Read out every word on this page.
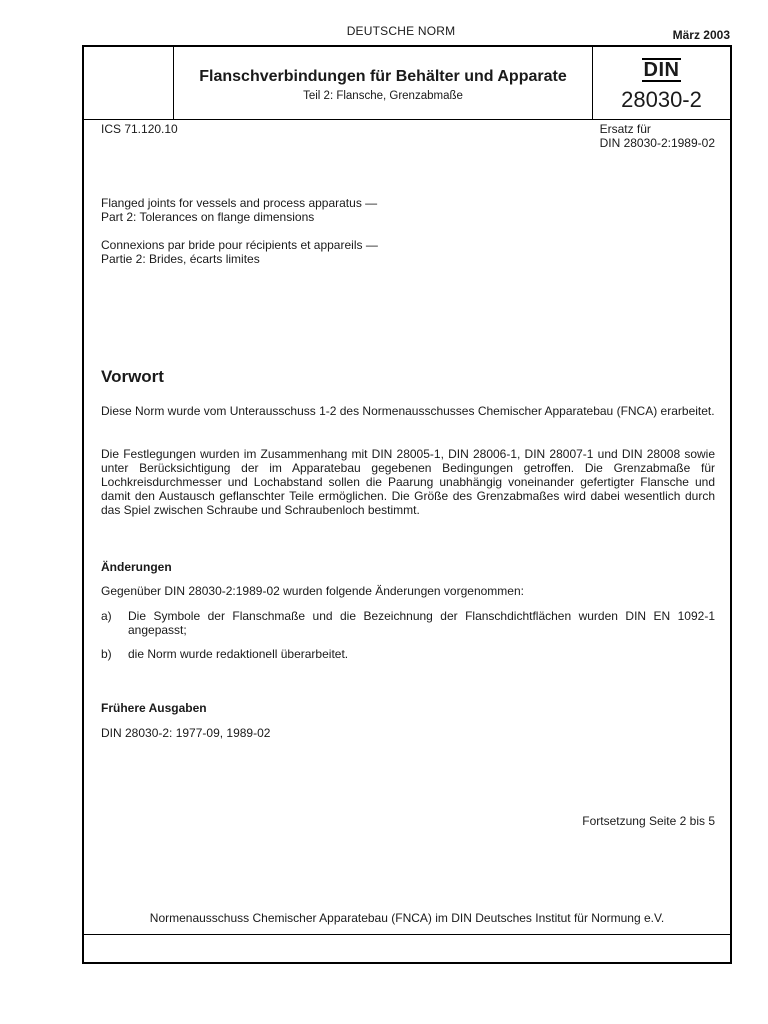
DEUTSCHE NORM	März 2003
Flanschverbindungen für Behälter und Apparate
Teil 2: Flansche, Grenzabmaße
DIN
28030-2
ICS 71.120.10	Ersatz für
DIN 28030-2:1989-02
Flanged joints for vessels and process apparatus —
Part 2: Tolerances on flange dimensions
Connexions par bride pour récipients et appareils —
Partie 2: Brides, écarts limites
Vorwort
Diese Norm wurde vom Unterausschuss 1-2 des Normenausschusses Chemischer Apparatebau (FNCA) erarbeitet.
Die Festlegungen wurden im Zusammenhang mit DIN 28005-1, DIN 28006-1, DIN 28007-1 und DIN 28008 sowie unter Berücksichtigung der im Apparatebau gegebenen Bedingungen getroffen. Die Grenzabmaße für Lochkreisdurchmesser und Lochabstand sollen die Paarung unabhängig voneinander gefertigter Flansche und damit den Austausch geflanschter Teile ermöglichen. Die Größe des Grenzabmaßes wird dabei wesentlich durch das Spiel zwischen Schraube und Schraubenloch bestimmt.
Änderungen
Gegenüber DIN 28030-2:1989-02 wurden folgende Änderungen vorgenommen:
a)	Die Symbole der Flanschmaße und die Bezeichnung der Flanschdichtflächen wurden DIN EN 1092-1 angepasst;
b)	die Norm wurde redaktionell überarbeitet.
Frühere Ausgaben
DIN 28030-2: 1977-09, 1989-02
Fortsetzung Seite 2 bis 5
Normenausschuss Chemischer Apparatebau (FNCA) im DIN Deutsches Institut für Normung e.V.
